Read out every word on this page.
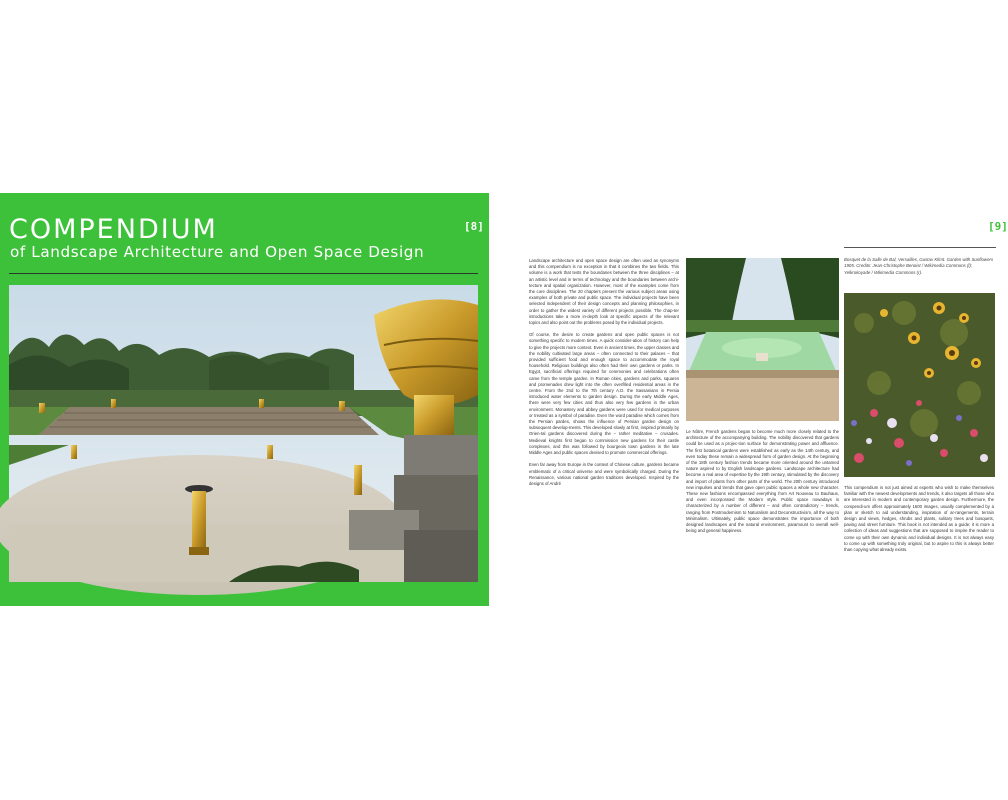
COMPENDIUM
of Landscape Architecture and Open Space Design
[8]	[9]

Landscape architecture and open space design are often used as synonyms and this compendium is no exception in that it combines the two fields. This volume is a work that tests the boundaries between the three disciplines – at an artistic level and in terms of technology and the boundaries between archi-tecture and spatial organization. However, most of the examples come from the core disciplines. The 20 chapters present the various subject areas using examples of both private and public space. The individual projects have been selected independent of their design concepts and planning philosophies, in order to gather the widest variety of different projects possible. The chap-ter introductions take a more in-depth look at specific aspects of the relevant topics and also point out the problems posed by the individual projects.

Of course, the desire to create gardens and open public spaces is not something specific to modern times. A quick consider-ation of history can help to give the projects more context. Even in ancient times, the upper classes and the nobility cultivated large areas – often connected to their palaces – that provided sufficient food and enough space to accommodate the royal household. Religious buildings also often had their own gardens or parks. In Egypt, sacrificial offerings required for ceremonies and celebrations often came from the temple garden. In Roman cities, gardens and parks, squares and promenades drew light into the often overfilled residential areas in the centre. From the 2nd to the 7th century A.D. the Sassanians in Persia introduced water elements to garden design. During the early Middle Ages, there were very few cities and thus also very few gardens in the urban environment. Monastery and abbey gardens were used for medical purposes or treated as a symbol of paradise. Even the word paradise which comes from the Persian pardes, shows the influence of Persian garden design on subsequent develop-ments. This developed slowly at first, inspired primarily by Orien-tal gardens discovered during the – rather meditative – crusades. Medieval knights first began to commission new gardens for their castle complexes, and this was followed by bourgeois town gardens in the late Middle Ages and public spaces devised to promote commercial offerings.

Even far away from Europe in the context of Chinese culture, gardens became emblematic of a critical universe and were symbolically charged. During the Renaissance, various national garden traditions developed. Inspired by the designs of André

Bosquet de la Salle de Bal, Versailles, Gustav Klimt. Garden with Sunflowers 1905. Credits: Jean-Christophe Benoist / Wikimedia Commons (l); Yelkrokoyade / Wikimedia Commons (r).

Le Nôtre, French gardens began to become much more closely related to the architecture of the accompanying building. The nobility discovered that gardens could be used as a projec-tion surface for demonstrating power and affluence. The first botanical gardens were established as early as the 14th century, and even today these remain a widespread form of garden design. At the beginning of the 18th century fashion trends became more oriented around the untamed nature aspired to by English landscape gardens. Landscape architecture had become a real area of expertise by the 19th century, stimulated by the discovery and import of plants from other parts of the world. The 20th century introduced new impulses and trends that gave open public spaces a whole new character. These new fashions encompassed everything from Art Nouveau to Bauhaus, and even incorporated the Modern style. Public space nowadays is characterized by a number of different – and often contradictory – trends, ranging from Postmodernism to Naturalism and Deconstructivism, all the way to Minimalism. Ultimately, public space demonstrates the importance of both designed landscapes and the natural environment, paramount to overall well-being and general happiness.

This compendium is not just aimed at experts who wish to make themselves familiar with the newest developments and trends, it also targets all those who are interested in modern and contemporary garden design. Furthermore, the compendi-um offers approximately 1600 images, usually complemented by a plan or sketch to aid understanding, inspiration of ar-rangements, terrain design and views, hedges, shrubs and plants, solitary trees and bosquets, paving and street furniture. This book is not intended as a guide; it is more a collection of ideas and suggestions that are supposed to inspire the reader to come up with their own dynamic and individual designs. It is not always easy to come up with something truly original, but to aspire to this is always better than copying what already exists.
